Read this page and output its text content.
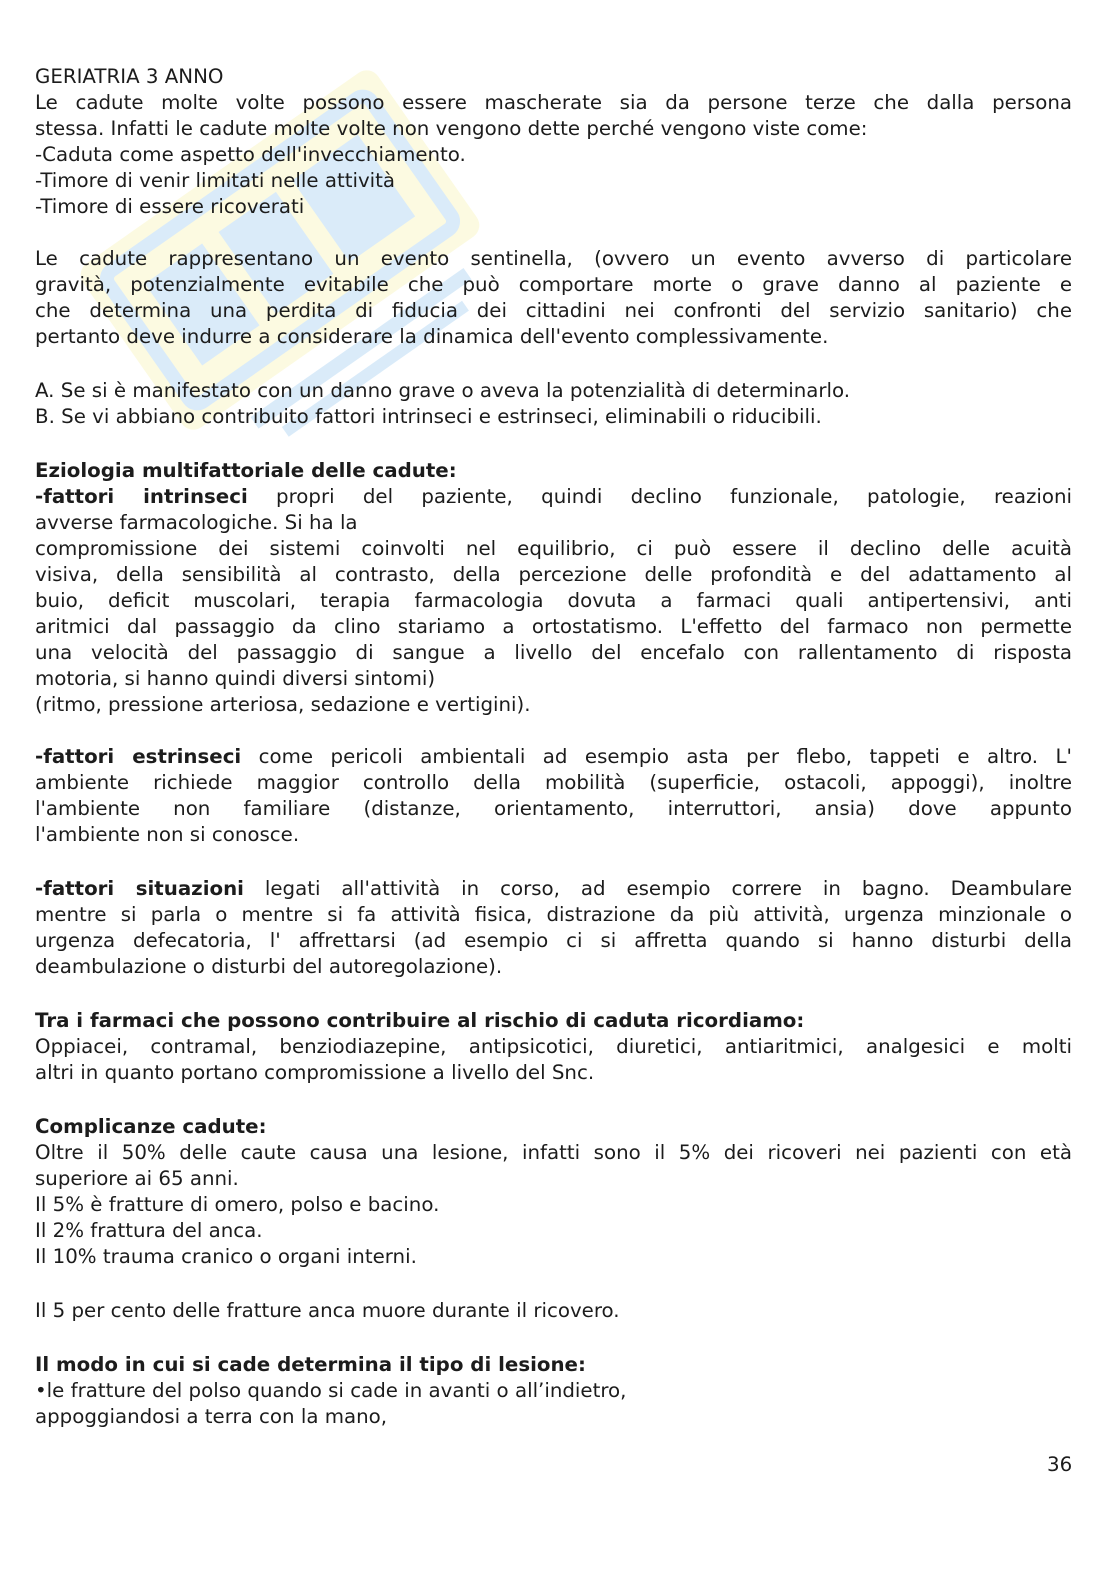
GERIATRIA 3 ANNO

Le cadute molte volte possono essere mascherate sia da persone terze che dalla persona

stessa. Infatti le cadute molte volte non vengono dette perché vengono viste come:

-Caduta come aspetto dell'invecchiamento.

-Timore di venir limitati nelle attività

-Timore di essere ricoverati

Le cadute rappresentano un evento sentinella, (ovvero un evento avverso di particolare

gravità, potenzialmente evitabile che può comportare morte o grave danno al paziente e

che determina una perdita di fiducia dei cittadini nei confronti del servizio sanitario) che

pertanto deve indurre a considerare la dinamica dell'evento complessivamente.

A. Se si è manifestato con un danno grave o aveva la potenzialità di determinarlo.

B. Se vi abbiano contribuito fattori intrinseci e estrinseci, eliminabili o riducibili.

Eziologia multifattoriale delle cadute:

-fattori intrinseci propri del paziente, quindi declino funzionale, patologie, reazioni

avverse farmacologiche. Si ha la

compromissione dei sistemi coinvolti nel equilibrio, ci può essere il declino delle acuità

visiva, della sensibilità al contrasto, della percezione delle profondità e del adattamento al

buio, deficit muscolari, terapia farmacologia dovuta a farmaci quali antipertensivi, anti

aritmici dal passaggio da clino stariamo a ortostatismo. L'effetto del farmaco non permette

una velocità del passaggio di sangue a livello del encefalo con rallentamento di risposta

motoria, si hanno quindi diversi sintomi)

(ritmo, pressione arteriosa, sedazione e vertigini).

-fattori estrinseci come pericoli ambientali ad esempio asta per flebo, tappeti e altro. L'

ambiente richiede maggior controllo della mobilità (superficie, ostacoli, appoggi), inoltre

l'ambiente non familiare (distanze, orientamento, interruttori, ansia) dove appunto

l'ambiente non si conosce.

-fattori situazioni legati all'attività in corso, ad esempio correre in bagno. Deambulare

mentre si parla o mentre si fa attività fisica, distrazione da più attività, urgenza minzionale o

urgenza defecatoria, l' affrettarsi (ad esempio ci si affretta quando si hanno disturbi della

deambulazione o disturbi del autoregolazione).

Tra i farmaci che possono contribuire al rischio di caduta ricordiamo:

Oppiacei, contramal, benziodiazepine, antipsicotici, diuretici, antiaritmici, analgesici e molti

altri in quanto portano compromissione a livello del Snc.

Complicanze cadute:

Oltre il 50% delle caute causa una lesione, infatti sono il 5% dei ricoveri nei pazienti con età

superiore ai 65 anni.

Il 5% è fratture di omero, polso e bacino.

Il 2% frattura del anca.

Il 10% trauma cranico o organi interni.

Il 5 per cento delle fratture anca muore durante il ricovero.

Il modo in cui si cade determina il tipo di lesione:

•le fratture del polso quando si cade in avanti o all’indietro,

appoggiandosi a terra con la mano,

36
